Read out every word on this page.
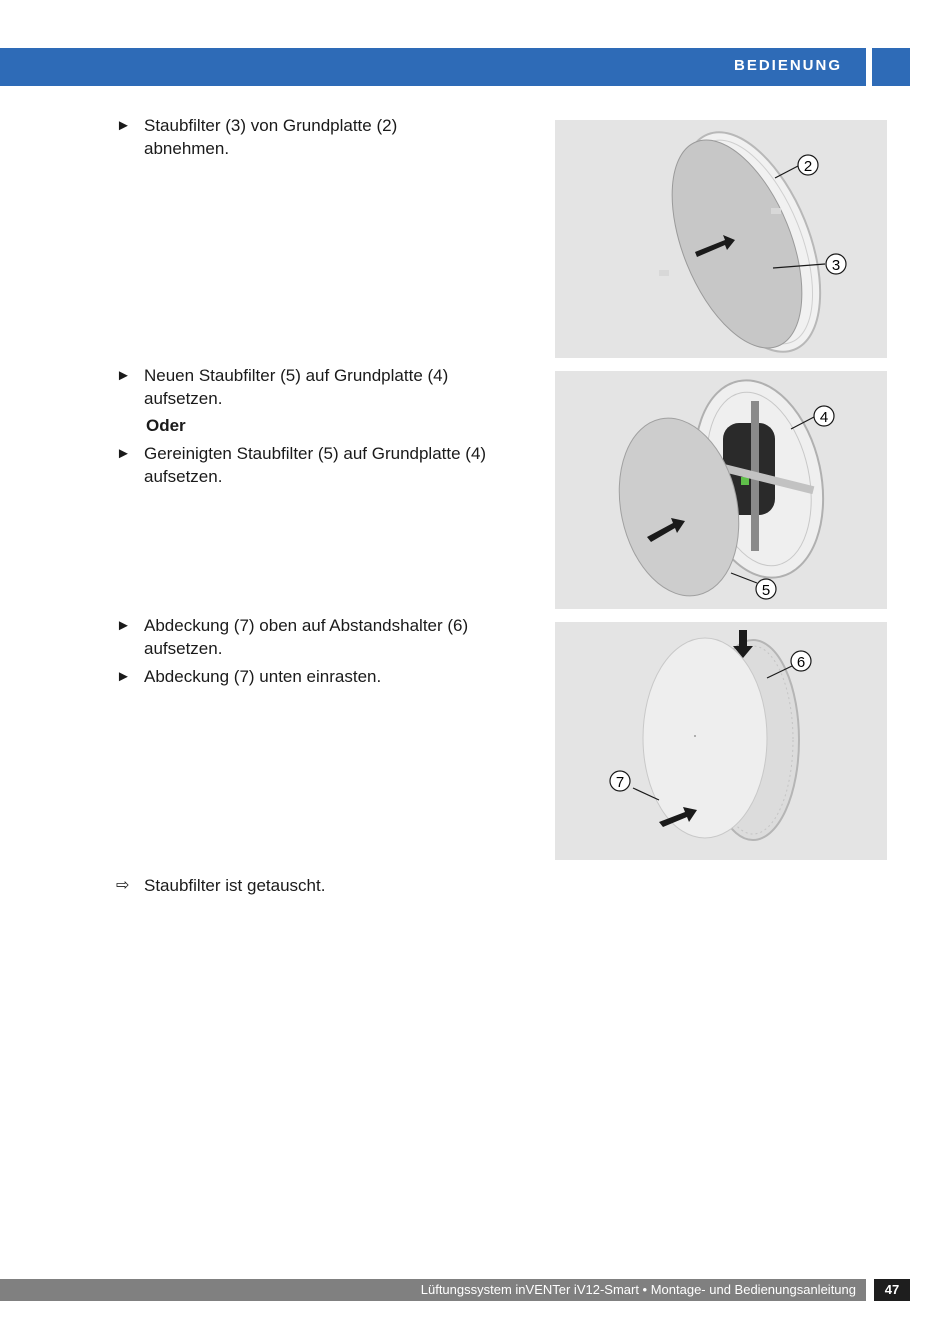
BEDIENUNG
► Staubfilter (3) von Grundplatte (2) abnehmen.
► Neuen Staubfilter (5) auf Grundplatte (4) aufsetzen.
Oder
► Gereinigten Staubfilter (5) auf Grundplatte (4) aufsetzen.
► Abdeckung (7) oben auf Abstandshalter (6) aufsetzen.
► Abdeckung (7) unten einrasten.
⇨ Staubfilter ist getauscht.
2
3
4
5
6
7
Lüftungssystem inVENTer iV12-Smart • Montage- und Bedienungsanleitung	47
